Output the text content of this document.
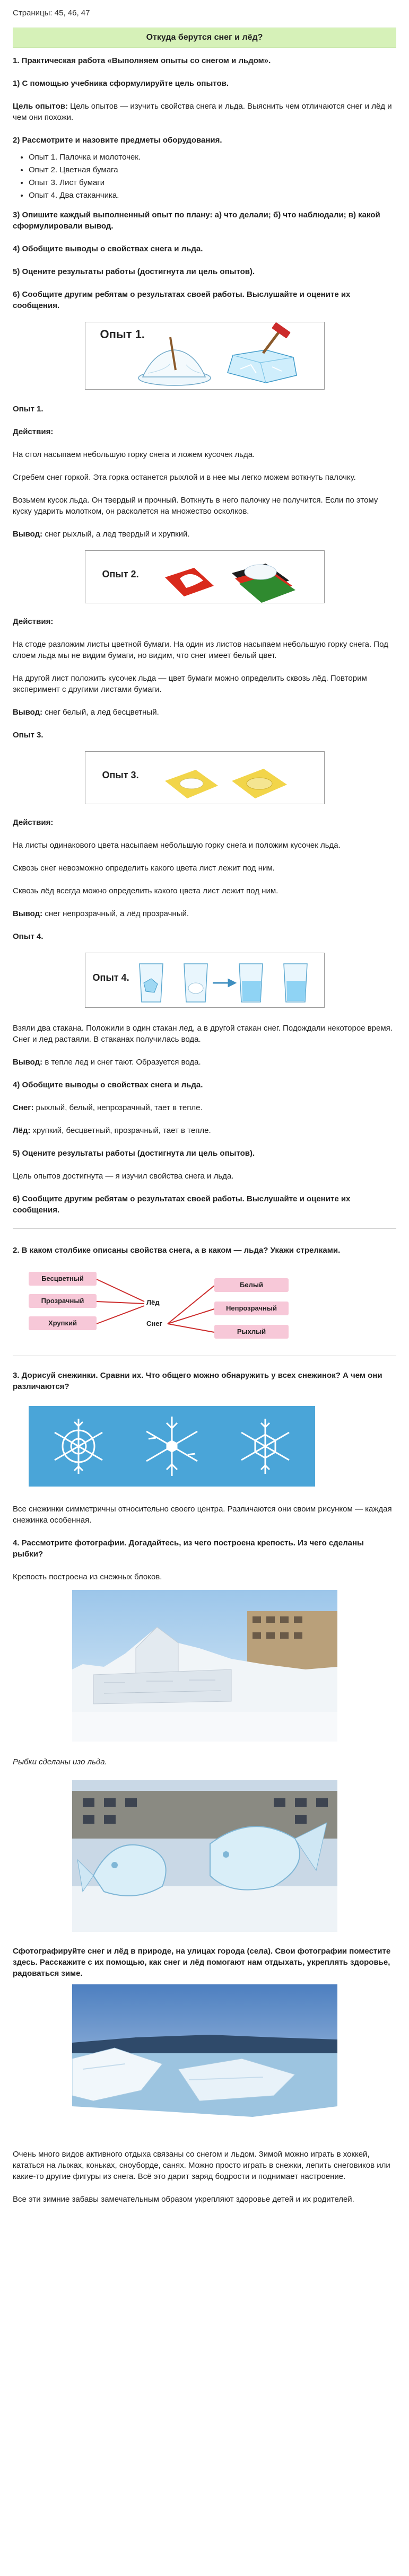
Страницы: 45, 46, 47
Откуда берутся снег и лёд?

1. Практическая работа «Выполняем опыты со снегом и льдом».

1) С помощью учебника сформулируйте цель опытов.

Цель опытов: Цель опытов — изучить свойства снега и льда. Выяснить чем отличаются снег и лёд и чем они похожи.

2) Рассмотрите и назовите предметы оборудования.

• Опыт 1. Палочка и молоточек.
• Опыт 2. Цветная бумага
• Опыт 3. Лист бумаги
• Опыт 4. Два стаканчика.

3) Опишите каждый выполненный опыт по плану: а) что делали; б) что наблюдали; в) какой сформулировали вывод.

4) Обобщите выводы о свойствах снега и льда.

5) Оцените результаты работы (достигнута ли цель опытов).

6) Сообщите другим ребятам о результатах своей работы. Выслушайте и оцените их сообщения.

Опыт 1.

Опыт 1.

Действия:

На стол насыпаем небольшую горку снега и ложем кусочек льда.

Сгребем снег горкой. Эта горка останется рыхлой и в нее мы легко можем воткнуть палочку.

Возьмем кусок льда. Он твердый и прочный. Воткнуть в него палочку не получится. Если по этому куску ударить молотком, он расколется на множество осколков.

Вывод: снег рыхлый, а лед твердый и хрупкий.

Опыт 2.

Действия:

На стоде разложим листы цветной бумаги. На один из листов насыпаем небольшую горку снега. Под слоем льда мы не видим бумаги, но видим, что снег имеет белый цвет.

На другой лист положить кусочек льда — цвет бумаги можно определить сквозь лёд. Повторим эксперимент с другими листами бумаги.

Вывод: снег белый, а лед бесцветный.

Опыт 3.

Опыт 3.

Действия:

На листы одинакового цвета насыпаем небольшую горку снега и положим кусочек льда.

Сквозь снег невозможно определить какого цвета лист лежит под ним.

Сквозь лёд всегда можно определить какого цвета лист лежит под ним.

Вывод: снег непрозрачный, а лёд прозрачный.

Опыт 4.

Опыт 4.

Взяли два стакана. Положили в один стакан лед, а в другой стакан снег. Подождали некоторое время. Снег и лед растаяли. В стаканах получилась вода.

Вывод: в тепле лед и снег тают. Образуется вода.

4) Обобщите выводы о свойствах снега и льда.

Снег: рыхлый, белый, непрозрачный, тает в тепле.

Лёд: хрупкий, бесцветный, прозрачный, тает в тепле.

5) Оцените результаты работы (достигнута ли цель опытов).

Цель опытов достигнута — я изучил свойства снега и льда.

6) Сообщите другим ребятам о результатах своей работы. Выслушайте и оцените их сообщения.

2. В каком столбике описаны свойства снега, а в каком — льда? Укажи стрелками.

Бесцветный
Прозрачный
Хрупкий
Лёд
Снег
Белый
Непрозрачный
Рыхлый

3. Дорисуй снежинки. Сравни их. Что общего можно обнаружить у всех снежинок? А чем они различаются?

Все снежинки симметричны относительно своего центра. Различаются они своим рисунком — каждая снежинка особенная.

4. Рассмотрите фотографии. Догадайтесь, из чего построена крепость. Из чего сделаны рыбки?

Крепость построена из снежных блоков.

Рыбки сделаны изо льда.

Сфотографируйте снег и лёд в природе, на улицах города (села). Свои фотографии поместите здесь. Расскажите с их помощью, как снег и лёд помогают нам отдыхать, укреплять здоровье, радоваться зиме.

Очень много видов активного отдыха связаны со снегом и льдом. Зимой можно играть в хоккей, кататься на лыжах, коньках, сноуборде, санях. Можно просто играть в снежки, лепить снеговиков или какие-то другие фигуры из снега. Всё это дарит заряд бодрости и поднимает настроение.

Все эти зимние забавы замечательным образом укрепляют здоровье детей и их родителей.
